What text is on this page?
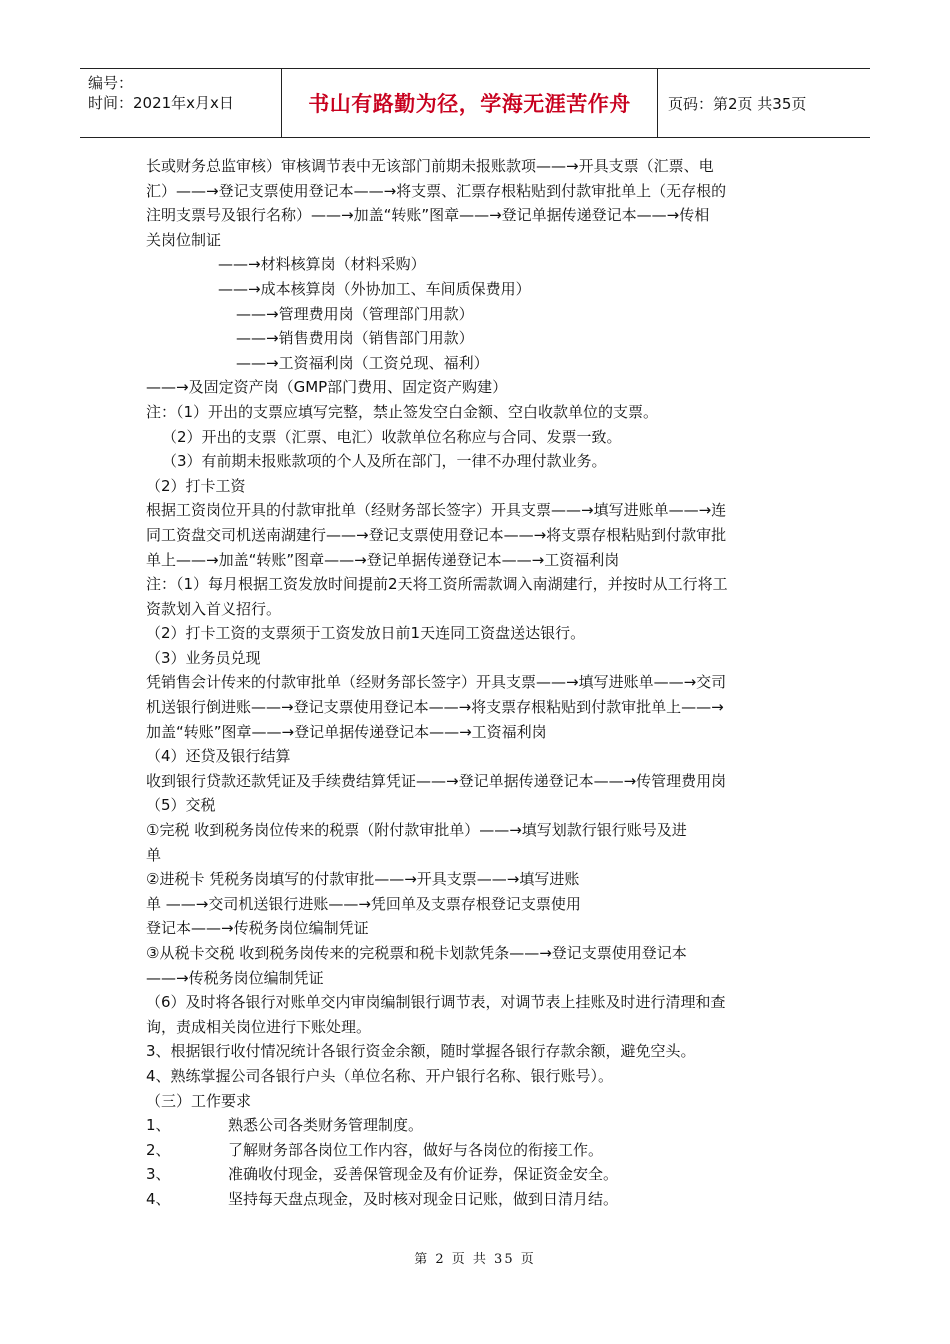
编号：
时间：2021年x月x日	书山有路勤为径，学海无涯苦作舟	页码：第2页 共35页
长或财务总监审核）审核调节表中无该部门前期未报账款项——→开具支票（汇票、电
汇）——→登记支票使用登记本——→将支票、汇票存根粘贴到付款审批单上（无存根的
注明支票号及银行名称）——→加盖“转账”图章——→登记单据传递登记本——→传相
关岗位制证
——→材料核算岗（材料采购）
——→成本核算岗（外协加工、车间质保费用）
——→管理费用岗（管理部门用款）
——→销售费用岗（销售部门用款）
——→工资福利岗（工资兑现、福利）
——→及固定资产岗（GMP部门费用、固定资产购建）
注：（1）开出的支票应填写完整，禁止签发空白金额、空白收款单位的支票。
（2）开出的支票（汇票、电汇）收款单位名称应与合同、发票一致。
（3）有前期未报账款项的个人及所在部门，一律不办理付款业务。
（2）打卡工资
根据工资岗位开具的付款审批单（经财务部长签字）开具支票——→填写进账单——→连
同工资盘交司机送南湖建行——→登记支票使用登记本——→将支票存根粘贴到付款审批
单上——→加盖“转账”图章——→登记单据传递登记本——→工资福利岗
注：（1）每月根据工资发放时间提前2天将工资所需款调入南湖建行，并按时从工行将工
资款划入首义招行。
（2）打卡工资的支票须于工资发放日前1天连同工资盘送达银行。
（3）业务员兑现
凭销售会计传来的付款审批单（经财务部长签字）开具支票——→填写进账单——→交司
机送银行倒进账——→登记支票使用登记本——→将支票存根粘贴到付款审批单上——→
加盖“转账”图章——→登记单据传递登记本——→工资福利岗
（4）还贷及银行结算
收到银行贷款还款凭证及手续费结算凭证——→登记单据传递登记本——→传管理费用岗
（5）交税
①完税 收到税务岗位传来的税票（附付款审批单）——→填写划款行银行账号及进
单
②进税卡 凭税务岗填写的付款审批——→开具支票——→填写进账
单 ——→交司机送银行进账——→凭回单及支票存根登记支票使用
登记本——→传税务岗位编制凭证
③从税卡交税 收到税务岗传来的完税票和税卡划款凭条——→登记支票使用登记本
——→传税务岗位编制凭证
（6）及时将各银行对账单交内审岗编制银行调节表，对调节表上挂账及时进行清理和查
询，责成相关岗位进行下账处理。
3、根据银行收付情况统计各银行资金余额，随时掌握各银行存款余额，避免空头。
4、熟练掌握公司各银行户头（单位名称、开户银行名称、银行账号）。
（三）工作要求
1、	熟悉公司各类财务管理制度。
2、	了解财务部各岗位工作内容，做好与各岗位的衔接工作。
3、	准确收付现金，妥善保管现金及有价证券，保证资金安全。
4、	坚持每天盘点现金，及时核对现金日记账，做到日清月结。
第 2 页 共 35 页
